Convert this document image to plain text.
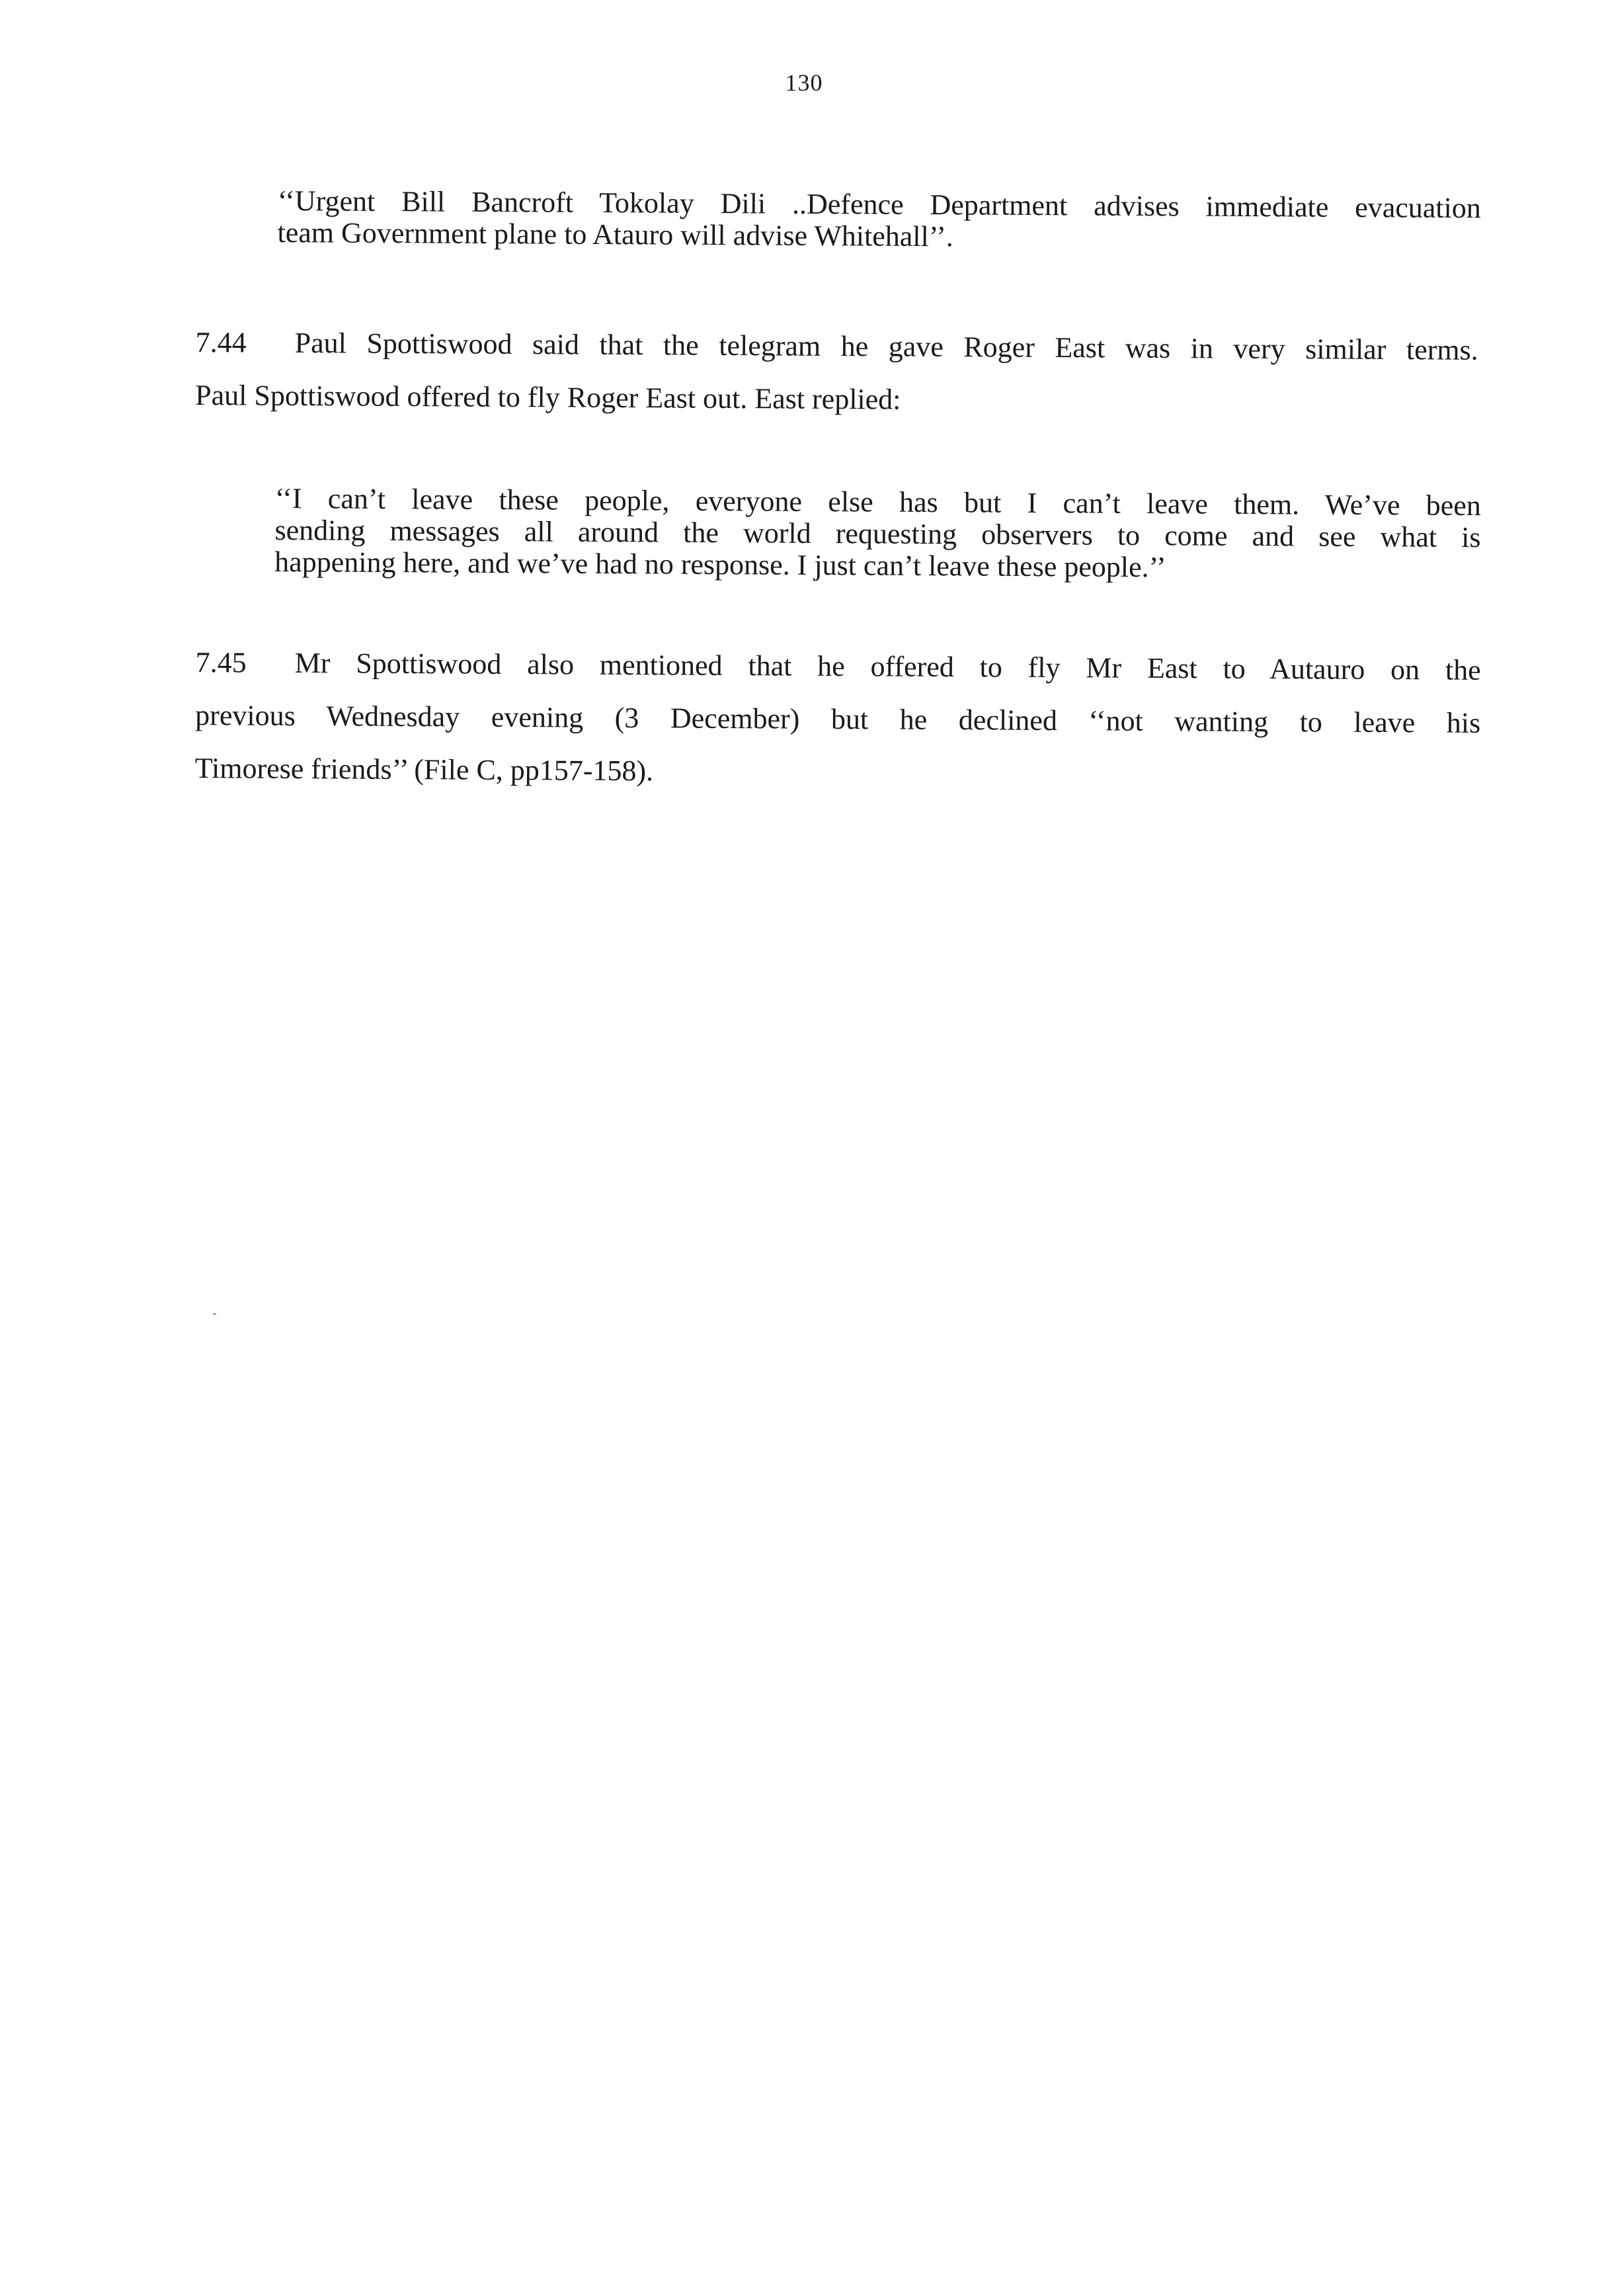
130
‘‘Urgent Bill Bancroft Tokolay Dili ..Defence Department advises immediate evacuation
team Government plane to Atauro will advise Whitehall’’.
7.44 Paul Spottiswood said that the telegram he gave Roger East was in very similar terms.
Paul Spottiswood offered to fly Roger East out. East replied:
‘‘I can’t leave these people, everyone else has but I can’t leave them. We’ve been
sending messages all around the world requesting observers to come and see what is
happening here, and we’ve had no response. I just can’t leave these people.’’
7.45 Mr Spottiswood also mentioned that he offered to fly Mr East to Autauro on the
previous Wednesday evening (3 December) but he declined ‘‘not wanting to leave his
Timorese friends’’ (File C, pp157-158).
